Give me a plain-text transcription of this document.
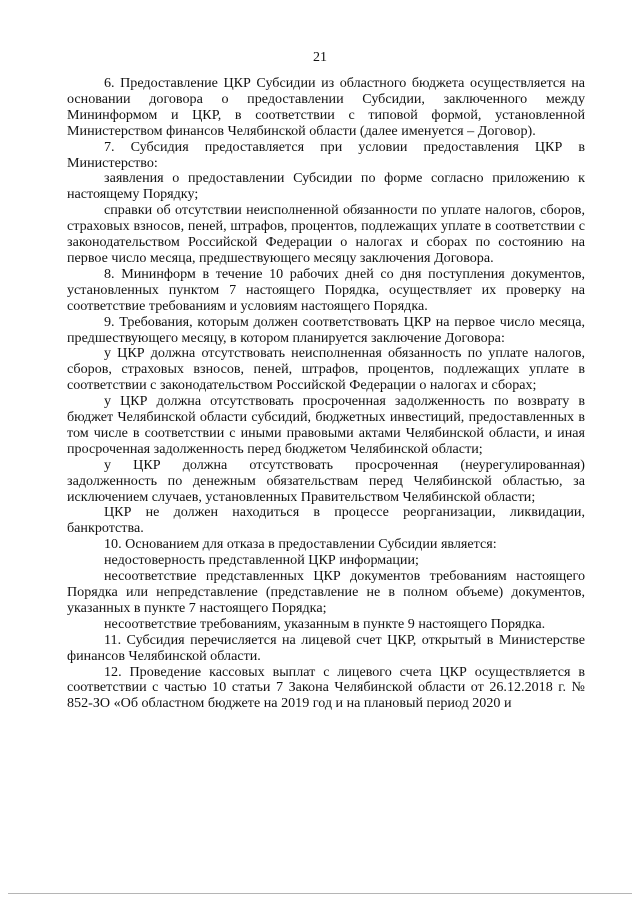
21

6. Предоставление ЦКР Субсидии из областного бюджета осуществляется на основании договора о предоставлении Субсидии, заключенного между Мининформом и ЦКР, в соответствии с типовой формой, установленной Министерством финансов Челябинской области (далее именуется – Договор).

7. Субсидия предоставляется при условии предоставления ЦКР в Министерство:

заявления о предоставлении Субсидии по форме согласно приложению к настоящему Порядку;

справки об отсутствии неисполненной обязанности по уплате налогов, сборов, страховых взносов, пеней, штрафов, процентов, подлежащих уплате в соответствии с законодательством Российской Федерации о налогах и сборах по состоянию на первое число месяца, предшествующего месяцу заключения Договора.

8. Мининформ в течение 10 рабочих дней со дня поступления документов, установленных пунктом 7 настоящего Порядка, осуществляет их проверку на соответствие требованиям и условиям настоящего Порядка.

9. Требования, которым должен соответствовать ЦКР на первое число месяца, предшествующего месяцу, в котором планируется заключение Договора:

у ЦКР должна отсутствовать неисполненная обязанность по уплате налогов, сборов, страховых взносов, пеней, штрафов, процентов, подлежащих уплате в соответствии с законодательством Российской Федерации о налогах и сборах;

у ЦКР должна отсутствовать просроченная задолженность по возврату в бюджет Челябинской области субсидий, бюджетных инвестиций, предоставленных в том числе в соответствии с иными правовыми актами Челябинской области, и иная просроченная задолженность перед бюджетом Челябинской области;

у ЦКР должна отсутствовать просроченная (неурегулированная) задолженность по денежным обязательствам перед Челябинской областью, за исключением случаев, установленных Правительством Челябинской области;

ЦКР не должен находиться в процессе реорганизации, ликвидации, банкротства.

10. Основанием для отказа в предоставлении Субсидии является:

недостоверность представленной ЦКР информации;

несоответствие представленных ЦКР документов требованиям настоящего Порядка или непредставление (представление не в полном объеме) документов, указанных в пункте 7 настоящего Порядка;

несоответствие требованиям, указанным в пункте 9 настоящего Порядка.

11. Субсидия перечисляется на лицевой счет ЦКР, открытый в Министерстве финансов Челябинской области.

12. Проведение кассовых выплат с лицевого счета ЦКР осуществляется в соответствии с частью 10 статьи 7 Закона Челябинской области от 26.12.2018 г. № 852-ЗО «Об областном бюджете на 2019 год и на плановый период 2020 и
